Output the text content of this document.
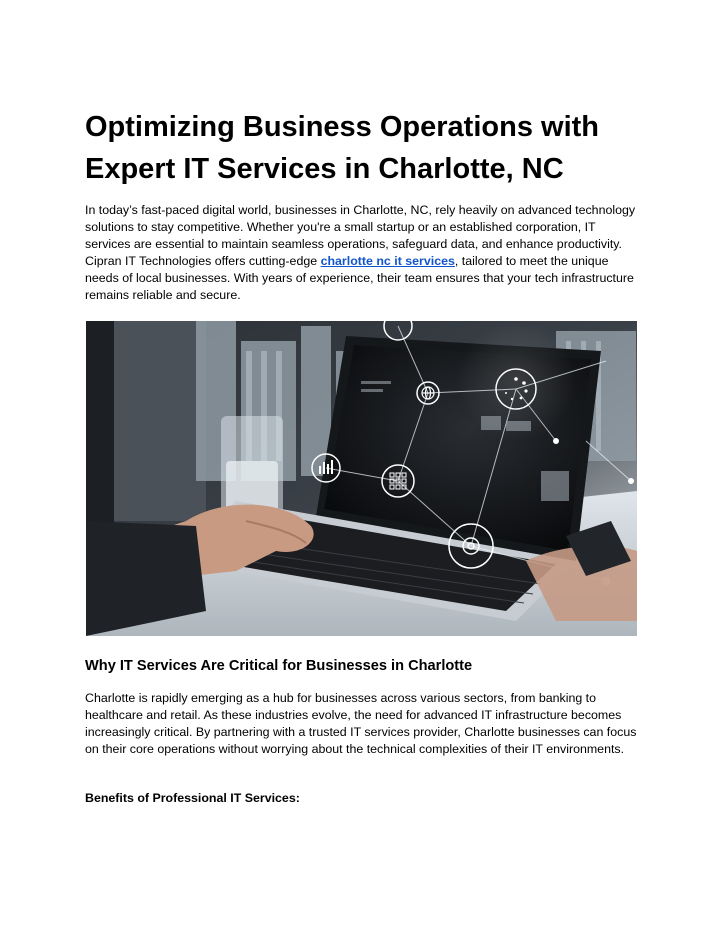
Optimizing Business Operations with Expert IT Services in Charlotte, NC

In today’s fast-paced digital world, businesses in Charlotte, NC, rely heavily on advanced technology solutions to stay competitive. Whether you're a small startup or an established corporation, IT services are essential to maintain seamless operations, safeguard data, and enhance productivity. Cipran IT Technologies offers cutting-edge charlotte nc it services, tailored to meet the unique needs of local businesses. With years of experience, their team ensures that your tech infrastructure remains reliable and secure.

Why IT Services Are Critical for Businesses in Charlotte

Charlotte is rapidly emerging as a hub for businesses across various sectors, from banking to healthcare and retail. As these industries evolve, the need for advanced IT infrastructure becomes increasingly critical. By partnering with a trusted IT services provider, Charlotte businesses can focus on their core operations without worrying about the technical complexities of their IT environments.

Benefits of Professional IT Services:
